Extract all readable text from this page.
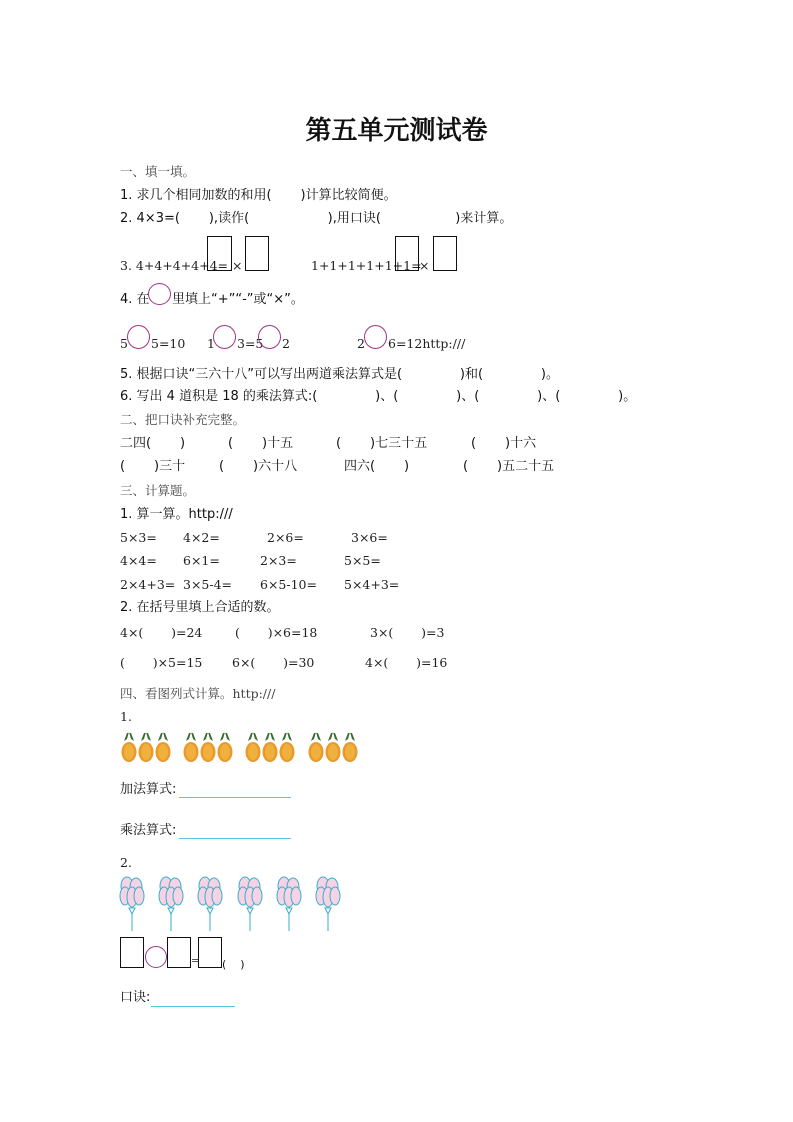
第五单元测试卷
一、填一填。
1. 求几个相同加数的和用(       )计算比较简便。
2. 4×3=(       ),读作(                   ),用口诀(                  )来计算。
3. 4+4+4+4+4= ×	1+1+1+1+1+1=
×
4. 在 里填上“+”“-”或“×”。
5 5=10 1 3=5 2	2 6=12http:///
5. 根据口诀“三六十八”可以写出两道乘法算式是(              )和(              )。
6. 写出 4 道积是 18 的乘法算式:(              )、(              )、(              )、(              )。
二、把口诀补充完整。
二四(       )	(       )十五	(       )七三十五	(       )十六
(       )三十	(       )六十八	四六(       )	(       )五二十五
三、计算题。
1. 算一算。http:///
5×3= 4×2=	2×6=	3×6=
4×4= 6×1=	2×3=	5×5=
2×4+3= 3×5-4= 6×5-10= 5×4+3=
2. 在括号里填上合适的数。
4×(       )=24	(       )×6=18	3×(       )=3
(       )×5=15 6×(       )=30	4×(       )=16
四、看图列式计算。http:///
1.
加法算式:
乘法算式:
2.
= (    )
口诀:
